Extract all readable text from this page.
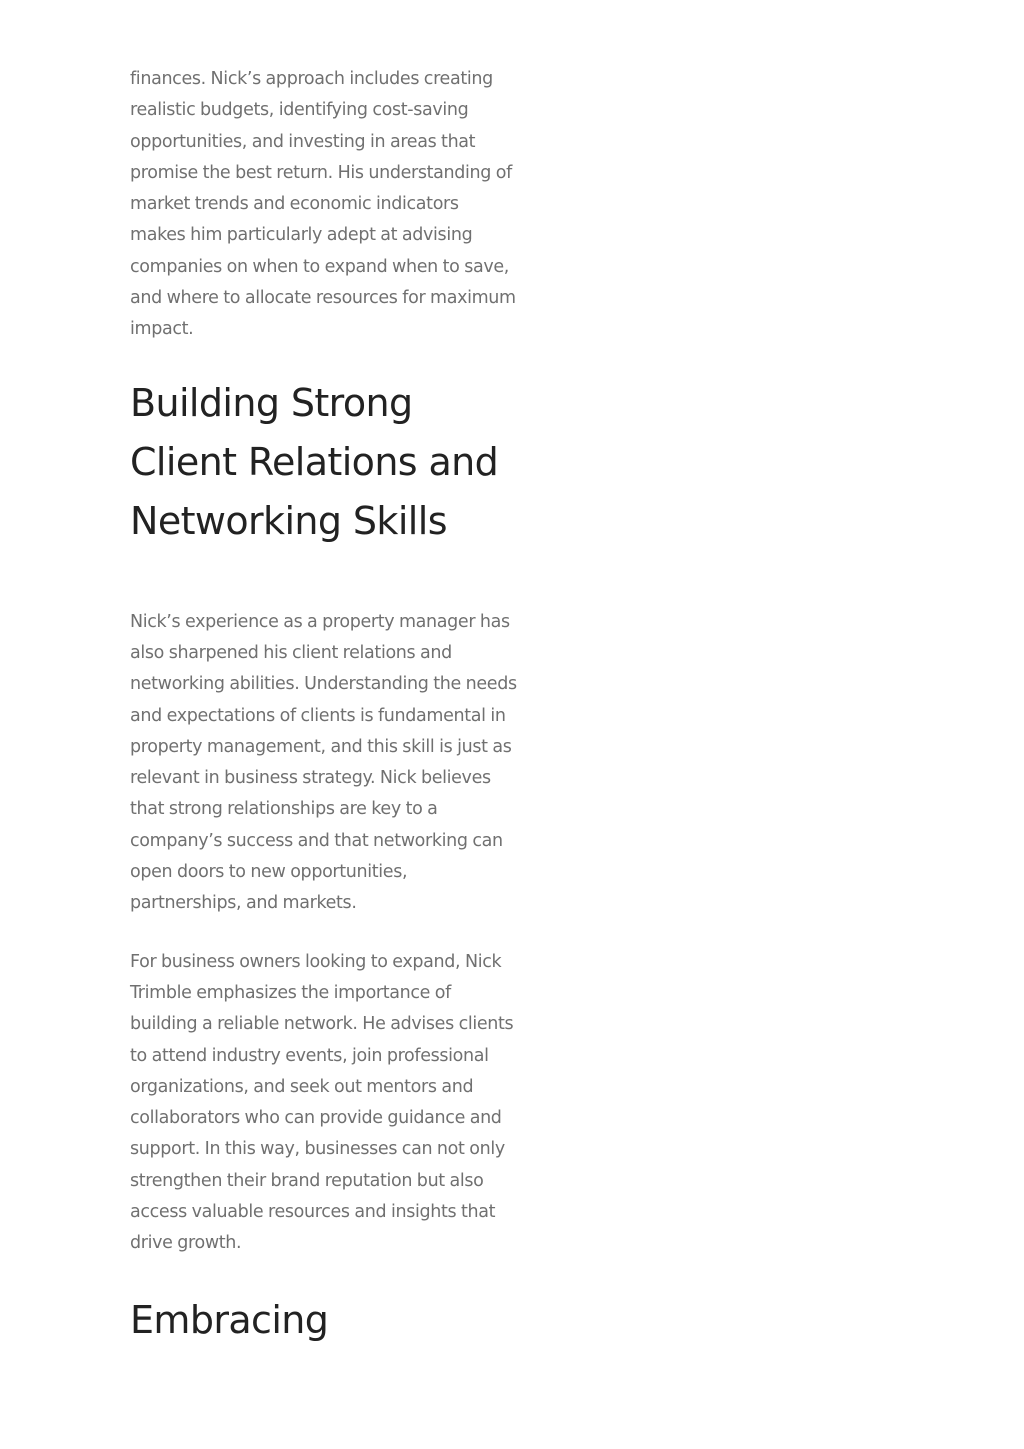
finances. Nick’s approach includes creating realistic budgets, identifying cost-saving opportunities, and investing in areas that promise the best return. His understanding of market trends and economic indicators makes him particularly adept at advising companies on when to expand when to save, and where to allocate resources for maximum impact.

Building Strong Client Relations and Networking Skills

Nick’s experience as a property manager has also sharpened his client relations and networking abilities. Understanding the needs and expectations of clients is fundamental in property management, and this skill is just as relevant in business strategy. Nick believes that strong relationships are key to a company’s success and that networking can open doors to new opportunities, partnerships, and markets.

For business owners looking to expand, Nick Trimble emphasizes the importance of building a reliable network. He advises clients to attend industry events, join professional organizations, and seek out mentors and collaborators who can provide guidance and support. In this way, businesses can not only strengthen their brand reputation but also access valuable resources and insights that drive growth.

Embracing
